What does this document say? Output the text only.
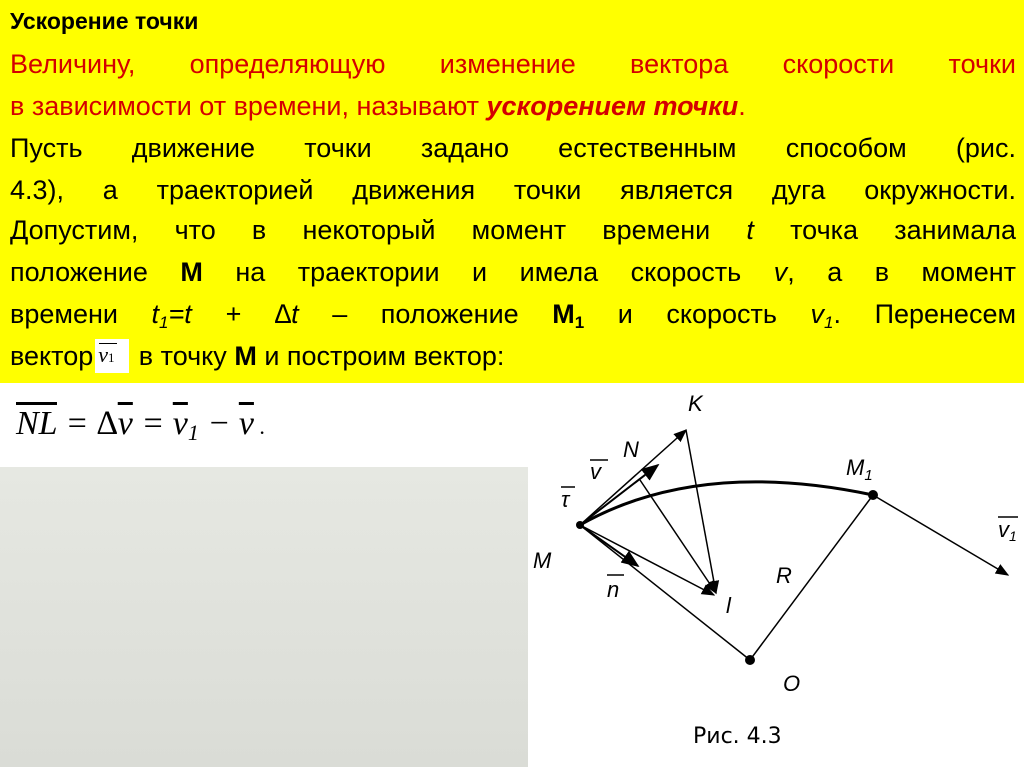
Ускорение точки
Величину, определяющую изменение вектора скорости точки
в зависимости от времени, называют ускорением точки.
Пусть движение точки задано естественным способом (рис.
4.3), а траекторией движения точки является дуга окружности.
Допустим, что в некоторый момент времени t точка занимала
положение М на траектории и имела скорость v, а в момент
времени $t_1=t + \Delta t$ – положение $М_1$ и скорость $v_1$. Перенесем
вектор v1 в точку М и построим вектор:
$\overline{NL} = \Delta\overline{v} = \overline{v}_1 - \overline{v}$ .
K
N
v
τ
M
n
l
$M_1$
R
O
v1
Рис. 4.3
